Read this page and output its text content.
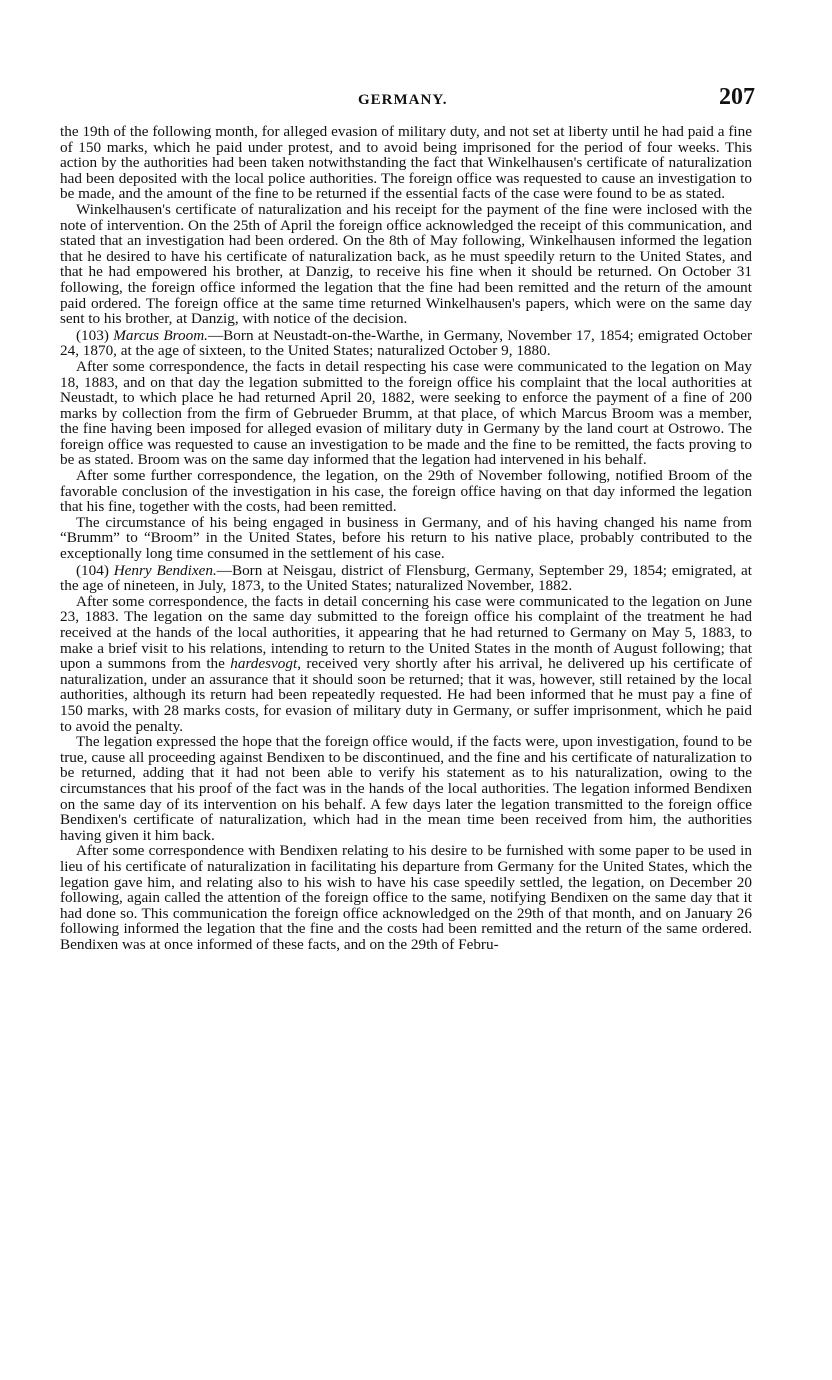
GERMANY.	207

the 19th of the following month, for alleged evasion of military duty, and not set at liberty until he had paid a fine of 150 marks, which he paid under protest, and to avoid being imprisoned for the period of four weeks. This action by the authorities had been taken notwithstanding the fact that Winkelhausen's certificate of naturalization had been deposited with the local police authorities. The foreign office was requested to cause an investigation to be made, and the amount of the fine to be returned if the essential facts of the case were found to be as stated.

Winkelhausen's certificate of naturalization and his receipt for the payment of the fine were inclosed with the note of intervention. On the 25th of April the foreign office acknowledged the receipt of this communication, and stated that an investigation had been ordered. On the 8th of May following, Winkelhausen informed the legation that he desired to have his certificate of naturalization back, as he must speedily return to the United States, and that he had empowered his brother, at Danzig, to receive his fine when it should be returned. On October 31 following, the foreign office informed the legation that the fine had been remitted and the return of the amount paid ordered. The foreign office at the same time returned Winkelhausen's papers, which were on the same day sent to his brother, at Danzig, with notice of the decision.

(103) Marcus Broom.—Born at Neustadt-on-the-Warthe, in Germany, November 17, 1854; emigrated October 24, 1870, at the age of sixteen, to the United States; naturalized October 9, 1880.

After some correspondence, the facts in detail respecting his case were communicated to the legation on May 18, 1883, and on that day the legation submitted to the foreign office his complaint that the local authorities at Neustadt, to which place he had returned April 20, 1882, were seeking to enforce the payment of a fine of 200 marks by collection from the firm of Gebrueder Brumm, at that place, of which Marcus Broom was a member, the fine having been imposed for alleged evasion of military duty in Germany by the land court at Ostrowo. The foreign office was requested to cause an investigation to be made and the fine to be remitted, the facts proving to be as stated. Broom was on the same day informed that the legation had intervened in his behalf.

After some further correspondence, the legation, on the 29th of November following, notified Broom of the favorable conclusion of the investigation in his case, the foreign office having on that day informed the legation that his fine, together with the costs, had been remitted.

The circumstance of his being engaged in business in Germany, and of his having changed his name from “Brumm” to “Broom” in the United States, before his return to his native place, probably contributed to the exceptionally long time consumed in the settlement of his case.

(104) Henry Bendixen.—Born at Neisgau, district of Flensburg, Germany, September 29, 1854; emigrated, at the age of nineteen, in July, 1873, to the United States; naturalized November, 1882.

After some correspondence, the facts in detail concerning his case were communicated to the legation on June 23, 1883. The legation on the same day submitted to the foreign office his complaint of the treatment he had received at the hands of the local authorities, it appearing that he had returned to Germany on May 5, 1883, to make a brief visit to his relations, intending to return to the United States in the month of August following; that upon a summons from the hardesvogt, received very shortly after his arrival, he delivered up his certificate of naturalization, under an assurance that it should soon be returned; that it was, however, still retained by the local authorities, although its return had been repeatedly requested. He had been informed that he must pay a fine of 150 marks, with 28 marks costs, for evasion of military duty in Germany, or suffer imprisonment, which he paid to avoid the penalty.

The legation expressed the hope that the foreign office would, if the facts were, upon investigation, found to be true, cause all proceeding against Bendixen to be discontinued, and the fine and his certificate of naturalization to be returned, adding that it had not been able to verify his statement as to his naturalization, owing to the circumstances that his proof of the fact was in the hands of the local authorities. The legation informed Bendixen on the same day of its intervention on his behalf. A few days later the legation transmitted to the foreign office Bendixen's certificate of naturalization, which had in the mean time been received from him, the authorities having given it him back.

After some correspondence with Bendixen relating to his desire to be furnished with some paper to be used in lieu of his certificate of naturalization in facilitating his departure from Germany for the United States, which the legation gave him, and relating also to his wish to have his case speedily settled, the legation, on December 20 following, again called the attention of the foreign office to the same, notifying Bendixen on the same day that it had done so. This communication the foreign office acknowledged on the 29th of that month, and on January 26 following informed the legation that the fine and the costs had been remitted and the return of the same ordered. Bendixen was at once informed of these facts, and on the 29th of Febru-
